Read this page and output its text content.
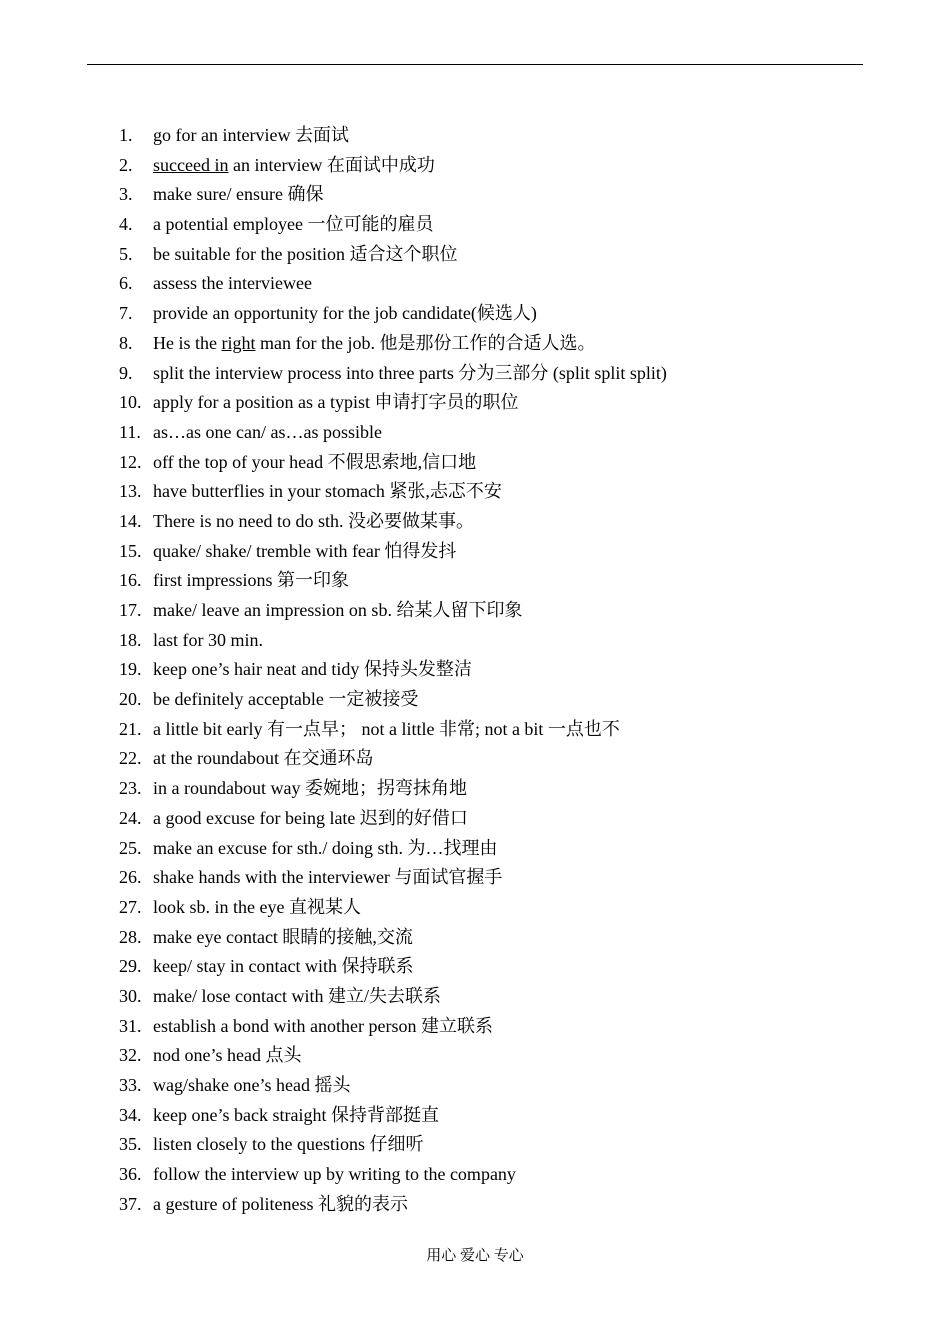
1. go for an interview 去面试
2. succeed in an interview 在面试中成功
3. make sure/ ensure 确保
4. a potential employee 一位可能的雇员
5. be suitable for the position 适合这个职位
6. assess the interviewee
7. provide an opportunity for the job candidate(候选人)
8. He is the right man for the job. 他是那份工作的合适人选。
9. split the interview process into three parts 分为三部分 (split split split)
10. apply for a position as a typist 申请打字员的职位
11. as…as one can/ as…as possible
12. off the top of your head 不假思索地,信口地
13. have butterflies in your stomach 紧张,忐忑不安
14. There is no need to do sth. 没必要做某事。
15. quake/ shake/ tremble with fear 怕得发抖
16. first impressions 第一印象
17. make/ leave an impression on sb. 给某人留下印象
18. last for 30 min.
19. keep one’s hair neat and tidy 保持头发整洁
20. be definitely acceptable 一定被接受
21. a little bit early 有一点早； not a little 非常; not a bit 一点也不
22. at the roundabout 在交通环岛
23. in a roundabout way 委婉地；拐弯抹角地
24. a good excuse for being late 迟到的好借口
25. make an excuse for sth./ doing sth. 为…找理由
26. shake hands with the interviewer 与面试官握手
27. look sb. in the eye 直视某人
28. make eye contact 眼睛的接触,交流
29. keep/ stay in contact with 保持联系
30. make/ lose contact with 建立/失去联系
31. establish a bond with another person 建立联系
32. nod one’s head 点头
33. wag/shake one’s head 摇头
34. keep one’s back straight 保持背部挺直
35. listen closely to the questions 仔细听
36. follow the interview up by writing to the company
37. a gesture of politeness 礼貌的表示
用心 爱心 专心
